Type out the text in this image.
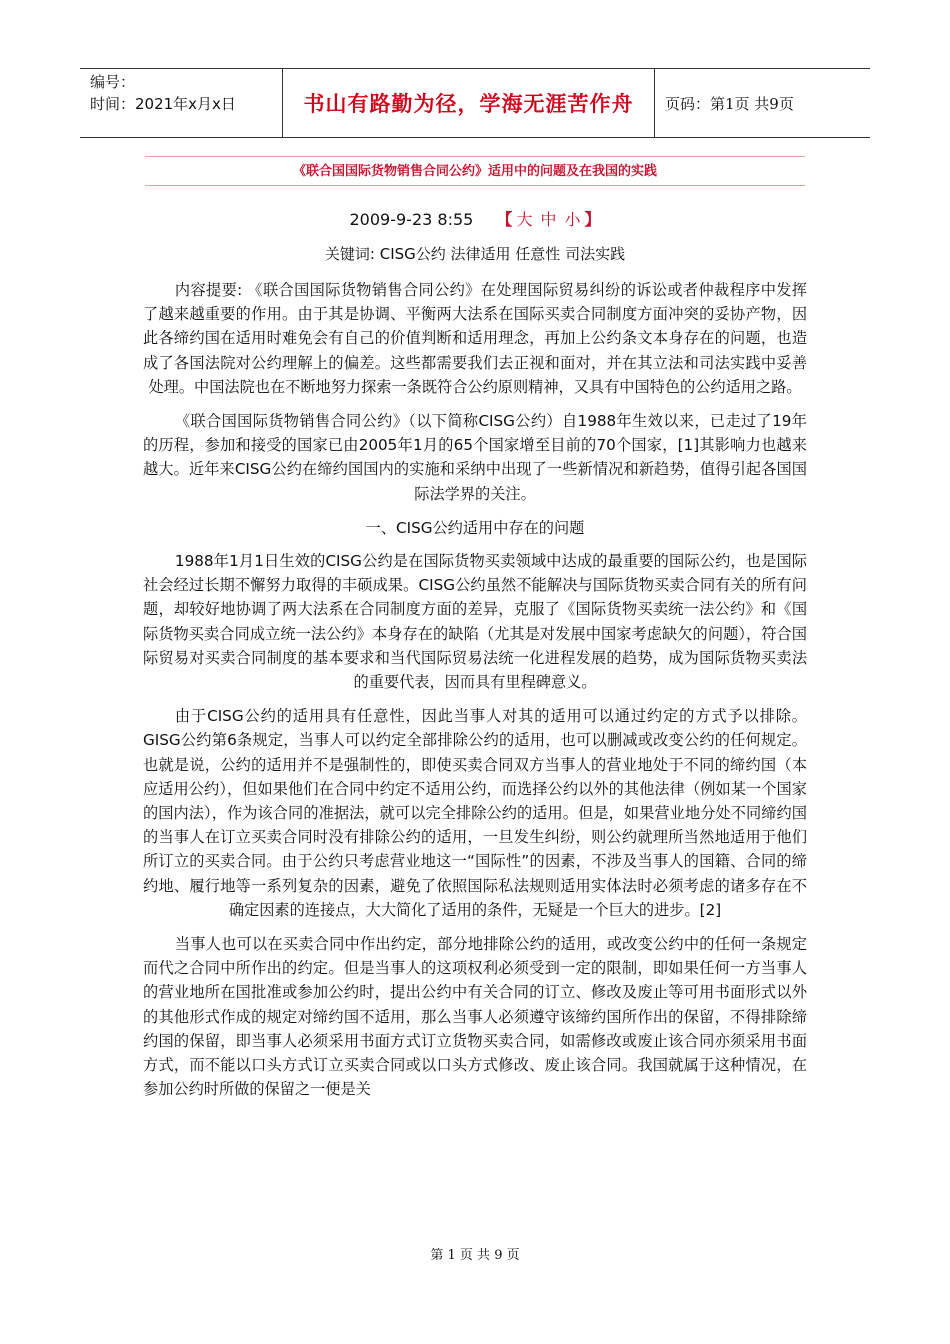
编号：
时间：2021年x月x日	书山有路勤为径，学海无涯苦作舟 页码：第1页 共9页
《联合国国际货物销售合同公约》适用中的问题及在我国的实践
2009-9-23 8:55 【 大 中 小 】
关键词: CISG公约 法律适用 任意性 司法实践

内容提要: 《联合国国际货物销售合同公约》在处理国际贸易纠纷的诉讼或者仲裁程序中发挥了越来越重要的作用。由于其是协调、平衡两大法系在国际买卖合同制度方面冲突的妥协产物，因此各缔约国在适用时难免会有自己的价值判断和适用理念，再加上公约条文本身存在的问题，也造成了各国法院对公约理解上的偏差。这些都需要我们去正视和面对，并在其立法和司法实践中妥善处理。中国法院也在不断地努力探索一条既符合公约原则精神，又具有中国特色的公约适用之路。

《联合国国际货物销售合同公约》（以下简称CISG公约）自1988年生效以来，已走过了19年的历程，参加和接受的国家已由2005年1月的65个国家增至目前的70个国家，[1]其影响力也越来越大。近年来CISG公约在缔约国国内的实施和采纳中出现了一些新情况和新趋势，值得引起各国国际法学界的关注。

一、CISG公约适用中存在的问题

1988年1月1日生效的CISG公约是在国际货物买卖领域中达成的最重要的国际公约，也是国际社会经过长期不懈努力取得的丰硕成果。CISG公约虽然不能解决与国际货物买卖合同有关的所有问题，却较好地协调了两大法系在合同制度方面的差异，克服了《国际货物买卖统一法公约》和《国际货物买卖合同成立统一法公约》本身存在的缺陷（尤其是对发展中国家考虑缺欠的问题），符合国际贸易对买卖合同制度的基本要求和当代国际贸易法统一化进程发展的趋势，成为国际货物买卖法的重要代表，因而具有里程碑意义。

由于CISG公约的适用具有任意性，因此当事人对其的适用可以通过约定的方式予以排除。GISG公约第6条规定，当事人可以约定全部排除公约的适用，也可以删减或改变公约的任何规定。也就是说，公约的适用并不是强制性的，即使买卖合同双方当事人的营业地处于不同的缔约国（本应适用公约），但如果他们在合同中约定不适用公约，而选择公约以外的其他法律（例如某一个国家的国内法），作为该合同的准据法，就可以完全排除公约的适用。但是，如果营业地分处不同缔约国的当事人在订立买卖合同时没有排除公约的适用，一旦发生纠纷，则公约就理所当然地适用于他们所订立的买卖合同。由于公约只考虑营业地这一“国际性”的因素，不涉及当事人的国籍、合同的缔约地、履行地等一系列复杂的因素，避免了依照国际私法规则适用实体法时必须考虑的诸多存在不确定因素的连接点，大大简化了适用的条件，无疑是一个巨大的进步。[2]

当事人也可以在买卖合同中作出约定，部分地排除公约的适用，或改变公约中的任何一条规定而代之合同中所作出的约定。但是当事人的这项权利必须受到一定的限制，即如果任何一方当事人的营业地所在国批准或参加公约时，提出公约中有关合同的订立、修改及废止等可用书面形式以外的其他形式作成的规定对缔约国不适用，那么当事人必须遵守该缔约国所作出的保留，不得排除缔约国的保留，即当事人必须采用书面方式订立货物买卖合同，如需修改或废止该合同亦须采用书面方式，而不能以口头方式订立买卖合同或以口头方式修改、废止该合同。我国就属于这种情况，在参加公约时所做的保留之一便是关

第 1 页 共 9 页
